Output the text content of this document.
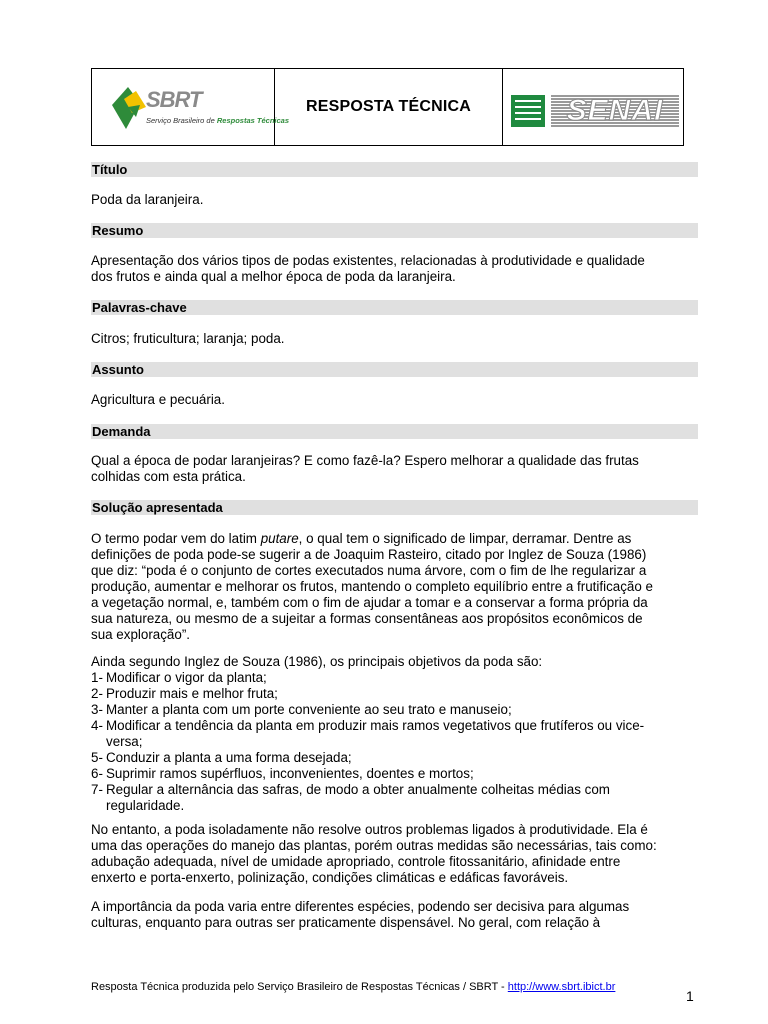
SBRT
Serviço Brasileiro de Respostas Técnicas
RESPOSTA TÉCNICA	SENAI
Título

Poda da laranjeira.

Resumo

Apresentação dos vários tipos de podas existentes, relacionadas à produtividade e qualidade
dos frutos e ainda qual a melhor época de poda da laranjeira.

Palavras-chave

Citros; fruticultura; laranja; poda.

Assunto

Agricultura e pecuária.

Demanda

Qual a época de podar laranjeiras? E como fazê-la? Espero melhorar a qualidade das frutas
colhidas com esta prática.

Solução apresentada

O termo podar vem do latim putare, o qual tem o significado de limpar, derramar. Dentre as
definições de poda pode-se sugerir a de Joaquim Rasteiro, citado por Inglez de Souza (1986)
que diz: “poda é o conjunto de cortes executados numa árvore, com o fim de lhe regularizar a
produção, aumentar e melhorar os frutos, mantendo o completo equilíbrio entre a frutificação e
a vegetação normal, e, também com o fim de ajudar a tomar e a conservar a forma própria da
sua natureza, ou mesmo de a sujeitar a formas consentâneas aos propósitos econômicos de
sua exploração”.

Ainda segundo Inglez de Souza (1986), os principais objetivos da poda são:

1- Modificar o vigor da planta;
2- Produzir mais e melhor fruta;
3- Manter a planta com um porte conveniente ao seu trato e manuseio;
4- Modificar a tendência da planta em produzir mais ramos vegetativos que frutíferos ou vice-
versa;
5- Conduzir a planta a uma forma desejada;
6- Suprimir ramos supérfluos, inconvenientes, doentes e mortos;
7- Regular a alternância das safras, de modo a obter anualmente colheitas médias com
regularidade.

No entanto, a poda isoladamente não resolve outros problemas ligados à produtividade. Ela é
uma das operações do manejo das plantas, porém outras medidas são necessárias, tais como:
adubação adequada, nível de umidade apropriado, controle fitossanitário, afinidade entre
enxerto e porta-enxerto, polinização, condições climáticas e edáficas favoráveis.

A importância da poda varia entre diferentes espécies, podendo ser decisiva para algumas
culturas, enquanto para outras ser praticamente dispensável. No geral, com relação à

Resposta Técnica produzida pelo Serviço Brasileiro de Respostas Técnicas / SBRT - http://www.sbrt.ibict.br
1
